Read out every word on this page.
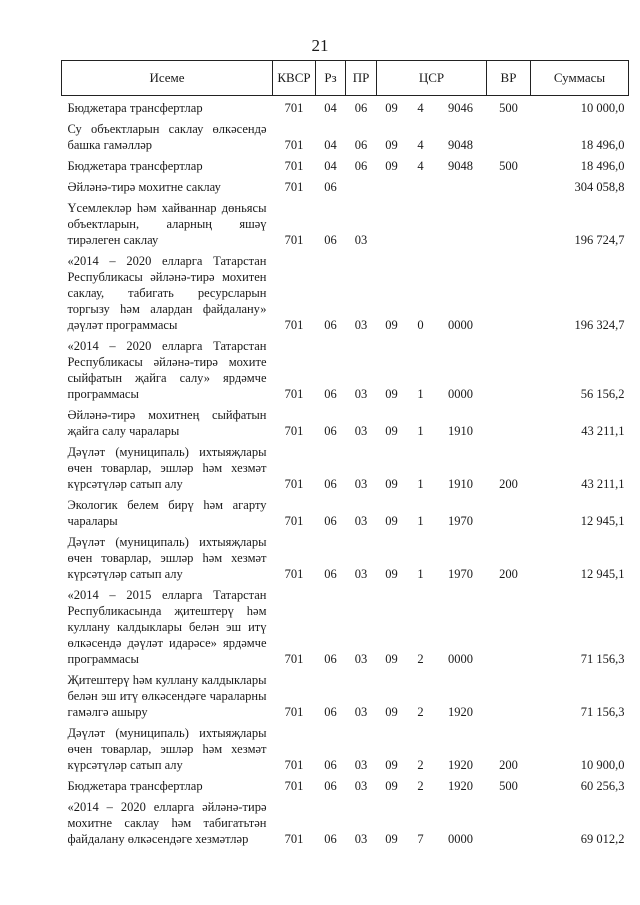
21
Исеме	КВСР	Рз	ПР	ЦСР			ВР	Суммасы
Бюджетара трансфертлар	701	04	06	09	4	9046	500	10 000,0
Су объектларын саклау өлкәсендә башка гамәлләр	701	04	06	09	4	9048		18 496,0
Бюджетара трансфертлар	701	04	06	09	4	9048	500	18 496,0
Әйләнә-тирә мохитне саклау	701	06						304 058,8
Үсемлекләр һәм хайваннар дөньясы объектларын, аларның яшәү тирәлеген саклау	701	06	03					196 724,7
«2014 – 2020 елларга Татарстан Республикасы әйләнә-тирә мохитен саклау, табигать ресурсларын торгызу һәм алардан файдалану» дәүләт программасы	701	06	03	09	0	0000		196 324,7
«2014 – 2020 елларга Татарстан Республикасы әйләнә-тирә мохите сыйфатын җайга салу» ярдәмче программасы	701	06	03	09	1	0000		56 156,2
Әйләнә-тирә мохитнең сыйфатын җайга салу чаралары	701	06	03	09	1	1910		43 211,1
Дәүләт (муниципаль) ихтыяҗлары өчен товарлар, эшләр һәм хезмәт күрсәтүләр сатып алу	701	06	03	09	1	1910	200	43 211,1
Экологик белем бирү һәм агарту чаралары	701	06	03	09	1	1970		12 945,1
Дәүләт (муниципаль) ихтыяҗлары өчен товарлар, эшләр һәм хезмәт күрсәтүләр сатып алу	701	06	03	09	1	1970	200	12 945,1
«2014 – 2015 елларга Татарстан Республикасында җитештерү һәм куллану калдыклары белән эш итү өлкәсендә дәүләт идарәсе» ярдәмче программасы	701	06	03	09	2	0000		71 156,3
Җитештерү һәм куллану калдыклары белән эш итү өлкәсендәге чараларны гамәлгә ашыру	701	06	03	09	2	1920		71 156,3
Дәүләт (муниципаль) ихтыяҗлары өчен товарлар, эшләр һәм хезмәт күрсәтүләр сатып алу	701	06	03	09	2	1920	200	10 900,0
Бюджетара трансфертлар	701	06	03	09	2	1920	500	60 256,3
«2014 – 2020 елларга әйләнә-тирә мохитне саклау һәм табигатьтән файдалану өлкәсендәге хезмәтләр	701	06	03	09	7	0000		69 012,2
